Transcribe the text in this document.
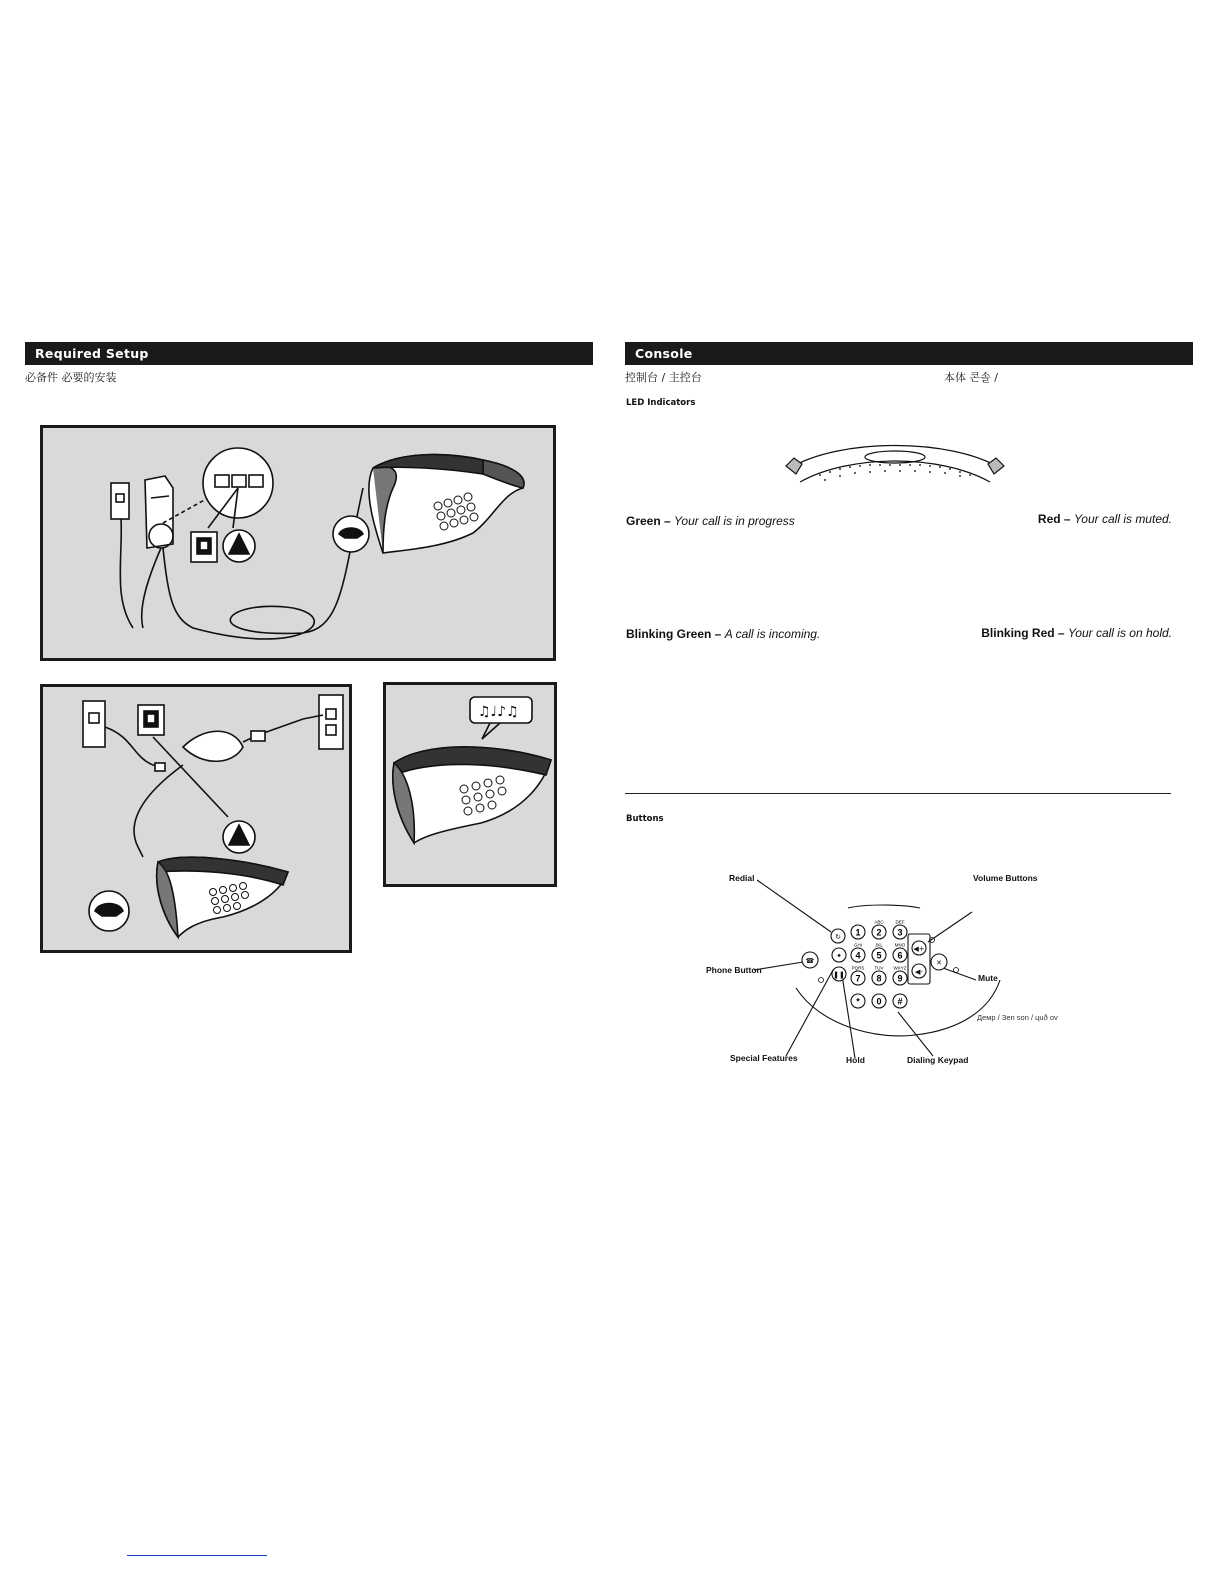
Required Setup
必备件 必要的安装
♫♩♪♫
Console
控制台 / 主控台	本体 콘솔 /
LED Indicators
Green – Your call is in progress	Red – Your call is muted.
Blinking Green – A call is incoming.	Blinking Red – Your call is on hold.
Buttons
↻
☎
✦
❚❚
◀+
◀-
✕
1 2
ABC
3
DEF
4
GHI
5
JKL
6
MNO
7
PQRS
8
TUV
9
WXYZ
* 0 #
Redial	Volume Buttons
Phone Button
Mute
Демp / Зen son / цuð ov
Special Features	Hold	Dialing Keypad
